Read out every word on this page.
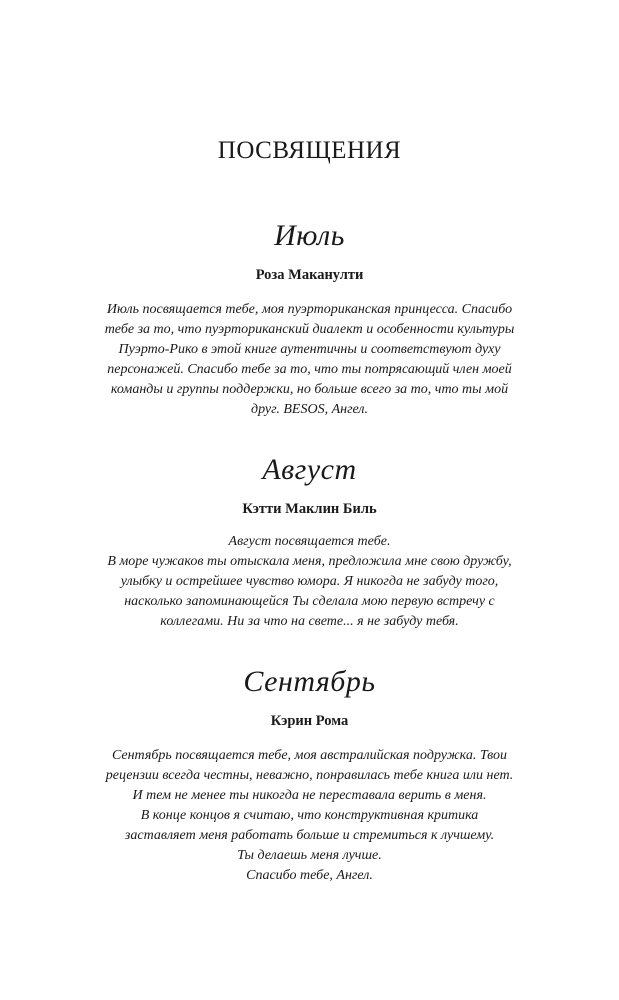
ПОСВЯЩЕНИЯ
Июль

Роза Маканулти

Июль посвящается тебе, моя пуэрториканская принцесса. Спасибо
тебе за то, что пуэрториканский диалект и особенности культуры
Пуэрто-Рико в этой книге аутентичны и соответствуют духу
персонажей. Спасибо тебе за то, что ты потрясающий член моей
команды и группы поддержки, но больше всего за то, что ты мой
друг. BESOS, Ангел.

Август

Кэтти Маклин Биль

Август посвящается тебе.
В море чужаков ты отыскала меня, предложила мне свою дружбу,
улыбку и острейшее чувство юмора. Я никогда не забуду того,
насколько запоминающейся Ты сделала мою первую встречу с
коллегами. Ни за что на свете... я не забуду тебя.

Сентябрь

Кэрин Рома

Сентябрь посвящается тебе, моя австралийская подружка. Твои
рецензии всегда честны, неважно, понравилась тебе книга или нет.
И тем не менее ты никогда не переставала верить в меня.
В конце концов я считаю, что конструктивная критика
заставляет меня работать больше и стремиться к лучшему.
Ты делаешь меня лучше.
Спасибо тебе, Ангел.
